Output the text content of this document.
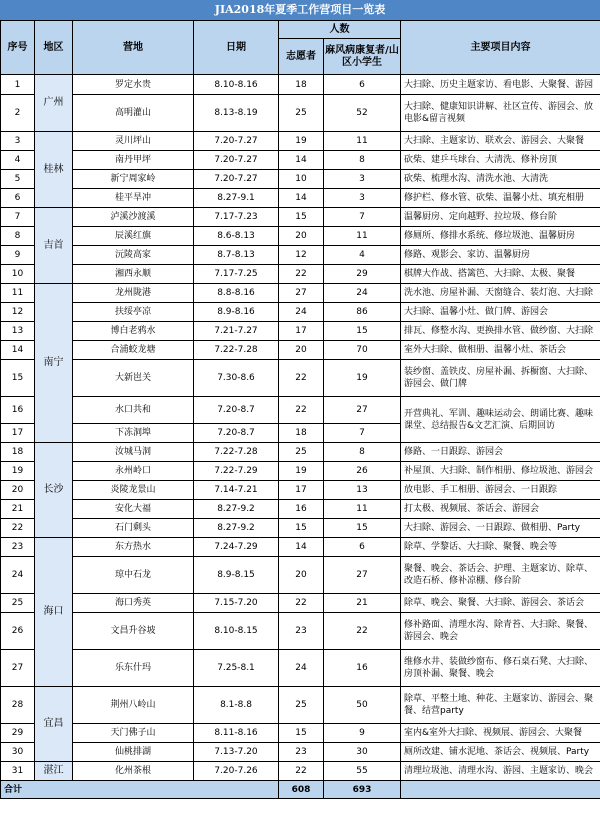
JIA2018年夏季工作营项目一览表
序号	地区	营地	日期	人数		主要项目内容
				志愿者	麻风病康复者/山区小学生	
1	广州	罗定水贵	8.10-8.16	18	6	大扫除、历史主题家访、看电影、大聚餐、游园
2		高明灌山	8.13-8.19	25	52	大扫除、健康知识讲解、社区宣传、游园会、放电影&留言视频
3	桂林	灵川坪山	7.20-7.27	19	11	大扫除、主题家访、联欢会、游园会、大聚餐
4		南丹甲坪	7.20-7.27	14	8	砍柴、建乒乓球台、大清洗、修补房顶
5		新宁周家岭	7.20-7.27	10	3	砍柴、梳理水沟、清洗水池、大清洗
6		桂平旱冲	8.27-9.1	14	3	修护栏、修水管、砍柴、温馨小灶、填充相册
7	吉首	泸溪沙渡溪	7.17-7.23	15	7	温馨厨房、定向越野、拉垃圾、修台阶
8		辰溪红旗	8.6-8.13	20	11	修厕所、修排水系统、修垃圾池、温馨厨房
9		沅陵高家	8.7-8.13	12	4	修路、观影会、家访、温馨厨房
10		湘西永顺	7.17-7.25	22	29	棋牌大作战、搭篱笆、大扫除、太极、聚餐
11	南宁	龙州陇港	8.8-8.16	27	24	洗水池、房屋补漏、天窗缝合、装灯泡、大扫除
12		扶绥亭凉	8.9-8.16	24	86	大扫除、温馨小灶、做门牌、游园会
13		博白老鸦水	7.21-7.27	17	15	排瓦、修整水沟、更换排水管、做纱窗、大扫除
14		合浦蛟龙塘	7.22-7.28	20	70	室外大扫除、做相册、温馨小灶、茶话会
15		大新岜关	7.30-8.6	22	19	装纱窗、盖铁皮、房屋补漏、拆橱窗、大扫除、游园会、做门牌
16		水口共和	7.20-8.7	22	27	开营典礼、军训、趣味运动会、朗诵比赛、趣味课堂、总结报告&文艺汇演、后期回访
17		下冻洞埠	7.20-8.7	18	7	
18	长沙	汝城马洞	7.22-7.28	25	8	修路、一日跟踪、游园会
19		永州岭口	7.22-7.29	19	26	补屋顶、大扫除、制作相册、修垃圾池、游园会
20		炎陵龙景山	7.14-7.21	17	13	放电影、手工相册、游园会、一日跟踪
21		安化大福	8.27-9.2	16	11	打太极、视频展、茶话会、游园会
22		石门剩头	8.27-9.2	15	15	大扫除、游园会、一日跟踪、做相册、Party
23	海口	东方热水	7.24-7.29	14	6	除草、学黎话、大扫除、聚餐、晚会等
24		琼中石龙	8.9-8.15	20	27	聚餐、晚会、茶话会、护理、主题家访、除草、改造石桥、修补凉棚、修台阶
25		海口秀英	7.15-7.20	22	21	除草、晚会、聚餐、大扫除、游园会、茶话会
26		文昌升谷坡	8.10-8.15	23	22	修补路面、清理水沟、除青苔、大扫除、聚餐、游园会、晚会
27		乐东什玛	7.25-8.1	24	16	维修水井、装做纱窗布、修石桌石凳、大扫除、房顶补漏、聚餐、晚会
28	宜昌	荆州八岭山	8.1-8.8	25	50	除草、平整土地、种花、主题家访、游园会、聚餐、结营party
29		天门佛子山	8.11-8.16	15	9	室内&室外大扫除、视频展、游园会、大聚餐
30		仙桃排湖	7.13-7.20	23	30	厕所改建、铺水泥地、茶话会、视频展、Party
31	湛江	化州茶根	7.20-7.26	22	55	清理垃圾池、清理水沟、游园、主题家访、晚会
合计				608	693	
